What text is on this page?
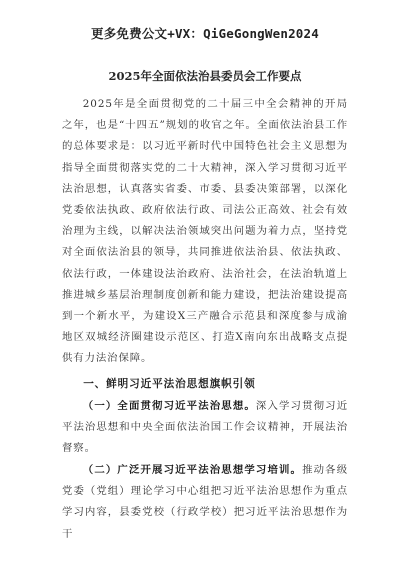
更多免费公文+VX：QiGeGongWen2024
2025年全面依法治县委员会工作要点
2025年是全面贯彻党的二十届三中全会精神的开局之年，也是“十四五”规划的收官之年。全面依法治县工作的总体要求是：以习近平新时代中国特色社会主义思想为指导全面贯彻落实党的二十大精神，深入学习贯彻习近平法治思想，认真落实省委、市委、县委决策部署，以深化党委依法执政、政府依法行政、司法公正高效、社会有效治理为主线，以解决法治领域突出问题为着力点，坚持党对全面依法治县的领导，共同推进依法治县、依法执政、依法行政，一体建设法治政府、法治社会，在法治轨道上推进城乡基层治理制度创新和能力建设，把法治建设提高到一个新水平，为建设X三产融合示范县和深度参与成渝地区双城经济圈建设示范区、打造X南向东出战略支点提供有力法治保障。
一、鲜明习近平法治思想旗帜引领
（一）全面贯彻习近平法治思想。深入学习贯彻习近平法治思想和中央全面依法治国工作会议精神，开展法治督察。
（二）广泛开展习近平法治思想学习培训。推动各级党委（党组）理论学习中心组把习近平法治思想作为重点学习内容，县委党校（行政学校）把习近平法治思想作为干
